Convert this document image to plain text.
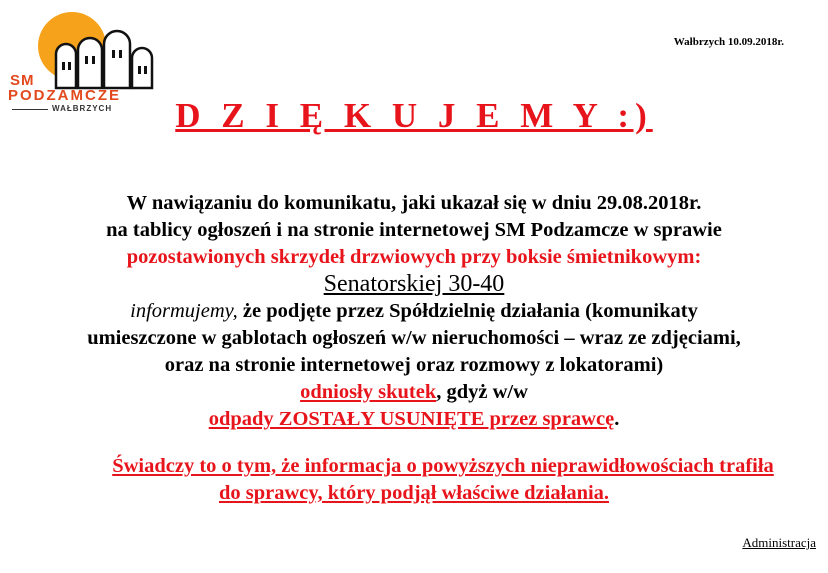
SM
PODZAMCZE
WAŁBRZYCH
Wałbrzych 10.09.2018r.
D Z I Ę K U J E M Y :)
W nawiązaniu do komunikatu, jaki ukazał się w dniu 29.08.2018r.
na tablicy ogłoszeń i na stronie internetowej SM Podzamcze w sprawie
pozostawionych skrzydeł drzwiowych przy boksie śmietnikowym:
Senatorskiej 30-40
informujemy, że podjęte przez Spółdzielnię działania (komunikaty
umieszczone w gablotach ogłoszeń w/w nieruchomości – wraz ze zdjęciami,
oraz na stronie internetowej oraz rozmowy z lokatorami)
odniosły skutek, gdyż w/w
odpady ZOSTAŁY USUNIĘTE przez sprawcę.
Świadczy to o tym, że informacja o powyższych nieprawidłowościach trafiła
do sprawcy, który podjął właściwe działania.
Administracja
